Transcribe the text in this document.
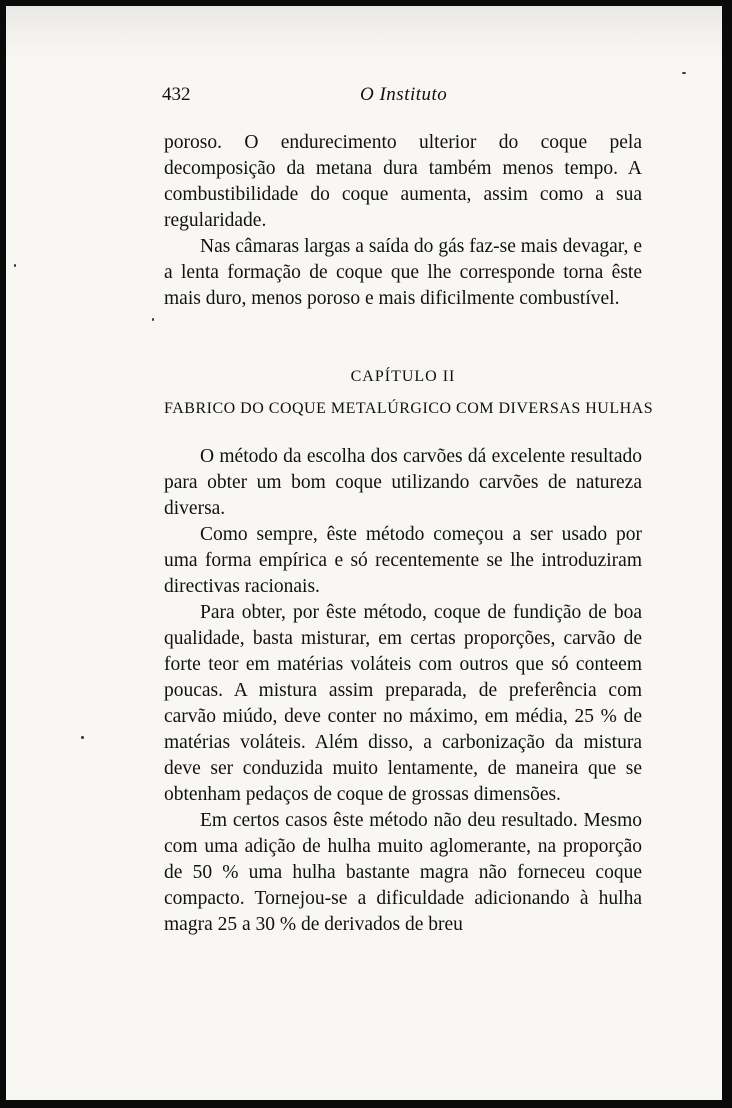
432	O Instituto

poroso. O endurecimento ulterior do coque pela decomposição da metana dura também menos tempo. A combustibilidade do coque aumenta, assim como a sua regularidade.

Nas câmaras largas a saída do gás faz-se mais devagar, e a lenta formação de coque que lhe corresponde torna êste mais duro, menos poroso e mais dificilmente combustível.

CAPÍTULO II
FABRICO DO COQUE METALÚRGICO COM DIVERSAS HULHAS

O método da escolha dos carvões dá excelente resultado para obter um bom coque utilizando carvões de natureza diversa.

Como sempre, êste método começou a ser usado por uma forma empírica e só recentemente se lhe introduziram directivas racionais.

Para obter, por êste método, coque de fundição de boa qualidade, basta misturar, em certas proporções, carvão de forte teor em matérias voláteis com outros que só conteem poucas. A mistura assim preparada, de preferência com carvão miúdo, deve conter no máximo, em média, 25 % de matérias voláteis. Além disso, a carbonização da mistura deve ser conduzida muito lentamente, de maneira que se obtenham pedaços de coque de grossas dimensões.

Em certos casos êste método não deu resultado. Mesmo com uma adição de hulha muito aglomerante, na proporção de 50 % uma hulha bastante magra não forneceu coque compacto. Tornejou-se a dificuldade adicionando à hulha magra 25 a 30 % de derivados de breu
